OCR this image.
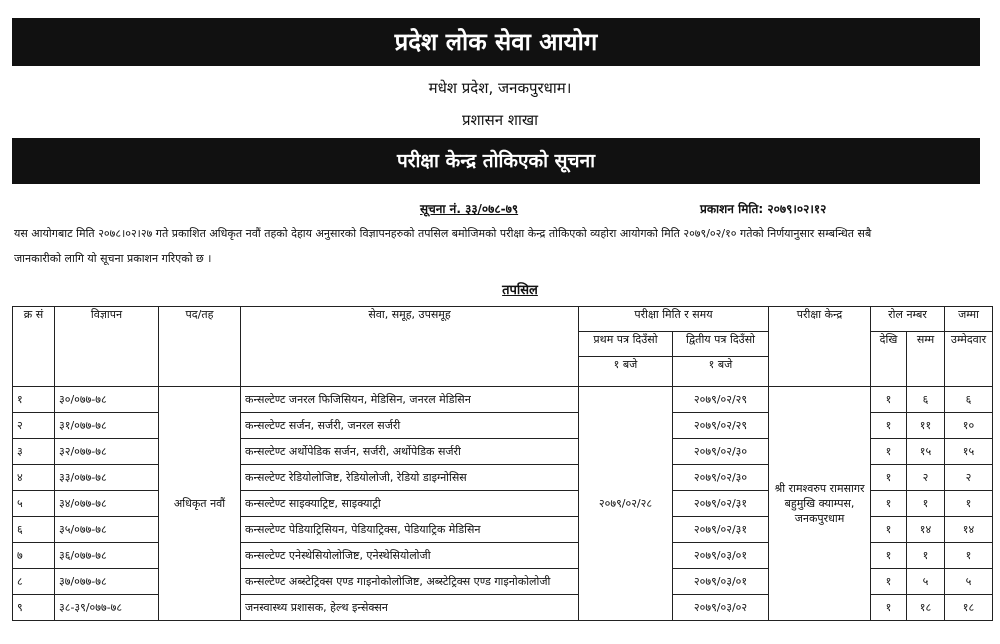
प्रदेश लोक सेवा आयोग
मधेश प्रदेश, जनकपुरधाम।
प्रशासन शाखा
परीक्षा केन्द्र तोकिएको सूचना
सूचना नं. ३३/०७८-७९	प्रकाशन मिति: २०७९।०२।१२
यस आयोगबाट मिति २०७८।०२।२७ गते प्रकाशित अधिकृत नवौं तहको देहाय अनुसारको विज्ञापनहरुको तपसिल बमोजिमको परीक्षा केन्द्र तोकिएको व्यहोरा आयोगको मिति २०७९/०२/१० गतेको निर्णयानुसार सम्बन्धित सबै
जानकारीको लागि यो सूचना प्रकाशन गरिएको छ ।
तपसिल
क्र सं	विज्ञापन	पद/तह	सेवा, समूह, उपसमूह	परीक्षा मिति र समय		परीक्षा केन्द्र	रोल नम्बर		जम्मा
				प्रथम पत्र दिउँसो	द्वितीय पत्र दिउँसो		देखि	सम्म	उम्मेदवार
				१ बजे	१ बजे				
१	३०/०७७-७८	अधिकृत नवौं	कन्सल्टेण्ट जनरल फिजिसियन, मेडिसिन, जनरल मेडिसिन	२०७९/०२/२८	२०७९/०२/२९	श्री रामश्वरुप रामसागर बहुमुखि क्याम्पस, जनकपुरधाम	१	६	६
२	३१/०७७-७८		कन्सल्टेण्ट सर्जन, सर्जरी, जनरल सर्जरी		२०७९/०२/२९		१	११	१०
३	३२/०७७-७८		कन्सल्टेण्ट अर्थोपेडिक सर्जन, सर्जरी, अर्थोपेडिक सर्जरी		२०७९/०२/३०		१	१५	१५
४	३३/०७७-७८		कन्सल्टेण्ट रेडियोलोजिष्ट, रेडियोलोजी, रेडियो डाइग्नोसिस		२०७९/०२/३०		१	२	२
५	३४/०७७-७८		कन्सल्टेण्ट साइक्याट्रिष्ट, साइक्याट्री		२०७९/०२/३१		१	१	१
६	३५/०७७-७८		कन्सल्टेण्ट पेडियाट्रिसियन, पेडियाट्रिक्स, पेडियाट्रिक मेडिसिन		२०७९/०२/३१		१	१४	१४
७	३६/०७७-७८		कन्सल्टेण्ट एनेस्थेसियोलोजिष्ट, एनेस्थेसियोलोजी		२०७९/०३/०१		१	१	१
८	३७/०७७-७८		कन्सल्टेण्ट अब्स्टेट्रिक्स एण्ड गाइनोकोलोजिष्ट, अब्स्टेट्रिक्स एण्ड गाइनोकोलोजी		२०७९/०३/०१		१	५	५
९	३८-३९/०७७-७८		जनस्वास्थ्य प्रशासक, हेल्थ इन्सेक्सन		२०७९/०३/०२		१	१८	१८
